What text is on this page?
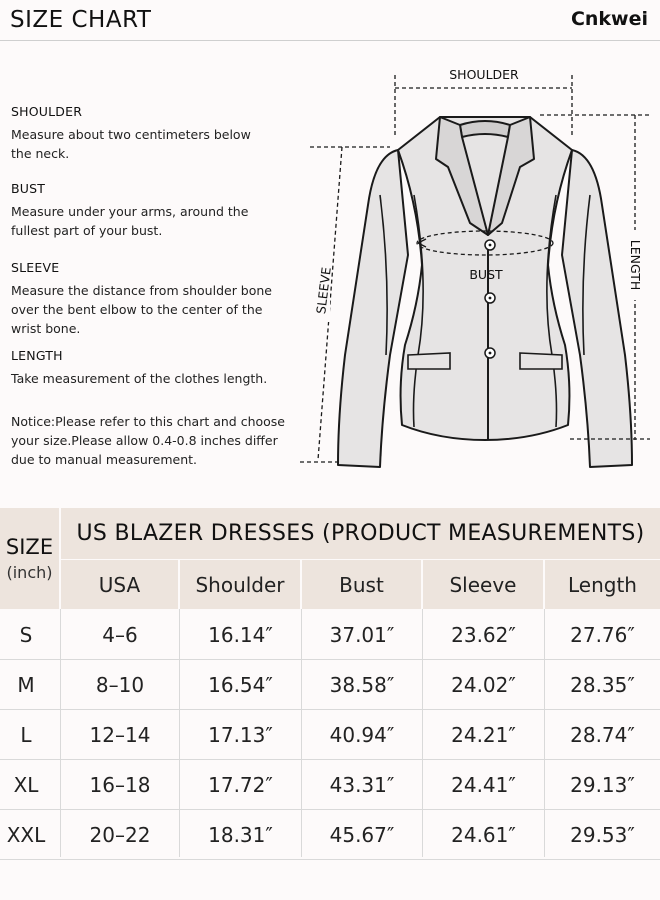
SIZE CHART	Cnkwei
SHOULDER

Measure about two centimeters below the neck.

BUST

Measure under your arms, around the fullest part of your bust.

SLEEVE

Measure the distance from shoulder bone over the bent elbow to the center of the wrist bone.

LENGTH

Take measurement of the clothes length.

Notice:Please refer to this chart and choose your size.Please allow 0.4-0.8 inches differ due to manual measurement.
SHOULDER
BUST
SLEEVE
LENGTH
SIZE
(inch)
US BLAZER DRESSES (PRODUCT MEASUREMENTS)
USA	Shoulder	Bust	Sleeve	Length
S	4–6	16.14″	37.01″	23.62″	27.76″
M	8–10	16.54″	38.58″	24.02″	28.35″
L	12–14	17.13″	40.94″	24.21″	28.74″
XL	16–18	17.72″	43.31″	24.41″	29.13″
XXL	20–22	18.31″	45.67″	24.61″	29.53″
